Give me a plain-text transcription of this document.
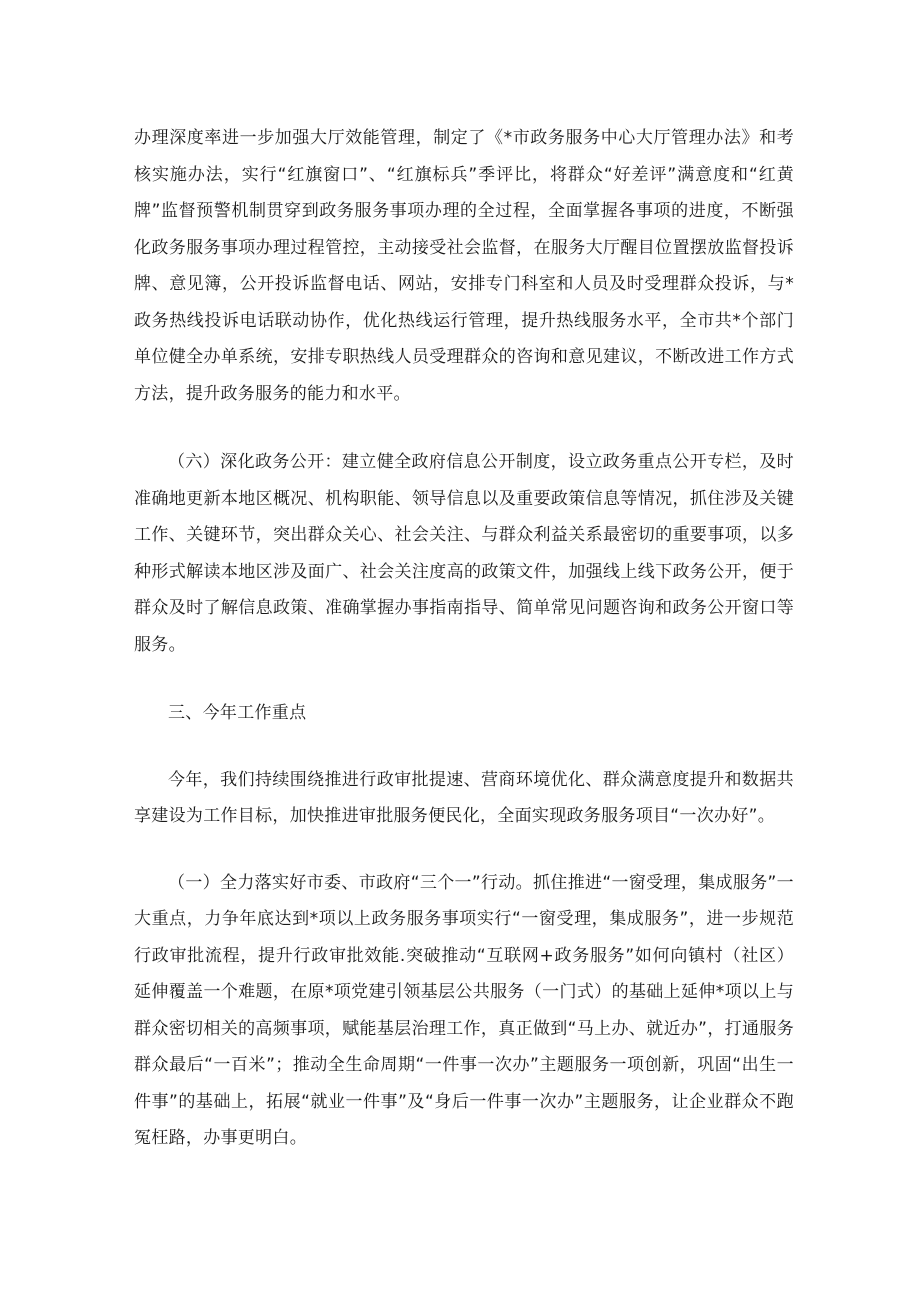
办理深度率进一步加强大厅效能管理，制定了《*市政务服务中心大厅管理办法》和考核实施办法，实行“红旗窗口”、“红旗标兵”季评比，将群众“好差评”满意度和“红黄牌”监督预警机制贯穿到政务服务事项办理的全过程，全面掌握各事项的进度，不断强化政务服务事项办理过程管控，主动接受社会监督，在服务大厅醒目位置摆放监督投诉牌、意见簿，公开投诉监督电话、网站，安排专门科室和人员及时受理群众投诉，与*政务热线投诉电话联动协作，优化热线运行管理，提升热线服务水平，全市共*个部门单位健全办单系统，安排专职热线人员受理群众的咨询和意见建议，不断改进工作方式方法，提升政务服务的能力和水平。

（六）深化政务公开：建立健全政府信息公开制度，设立政务重点公开专栏，及时准确地更新本地区概况、机构职能、领导信息以及重要政策信息等情况，抓住涉及关键工作、关键环节，突出群众关心、社会关注、与群众利益关系最密切的重要事项，以多种形式解读本地区涉及面广、社会关注度高的政策文件，加强线上线下政务公开，便于群众及时了解信息政策、准确掌握办事指南指导、简单常见问题咨询和政务公开窗口等服务。

三、今年工作重点

今年，我们持续围绕推进行政审批提速、营商环境优化、群众满意度提升和数据共享建设为工作目标，加快推进审批服务便民化，全面实现政务服务项目“一次办好”。

（一）全力落实好市委、市政府“三个一”行动。抓住推进“一窗受理，集成服务”一大重点，力争年底达到*项以上政务服务事项实行“一窗受理，集成服务”，进一步规范行政审批流程，提升行政审批效能.突破推动“互联网+政务服务”如何向镇村（社区）延伸覆盖一个难题，在原*项党建引领基层公共服务（一门式）的基础上延伸*项以上与群众密切相关的高频事项，赋能基层治理工作，真正做到“马上办、就近办”，打通服务群众最后“一百米”；推动全生命周期“一件事一次办”主题服务一项创新，巩固“出生一件事”的基础上，拓展“就业一件事”及“身后一件事一次办”主题服务，让企业群众不跑冤枉路，办事更明白。
